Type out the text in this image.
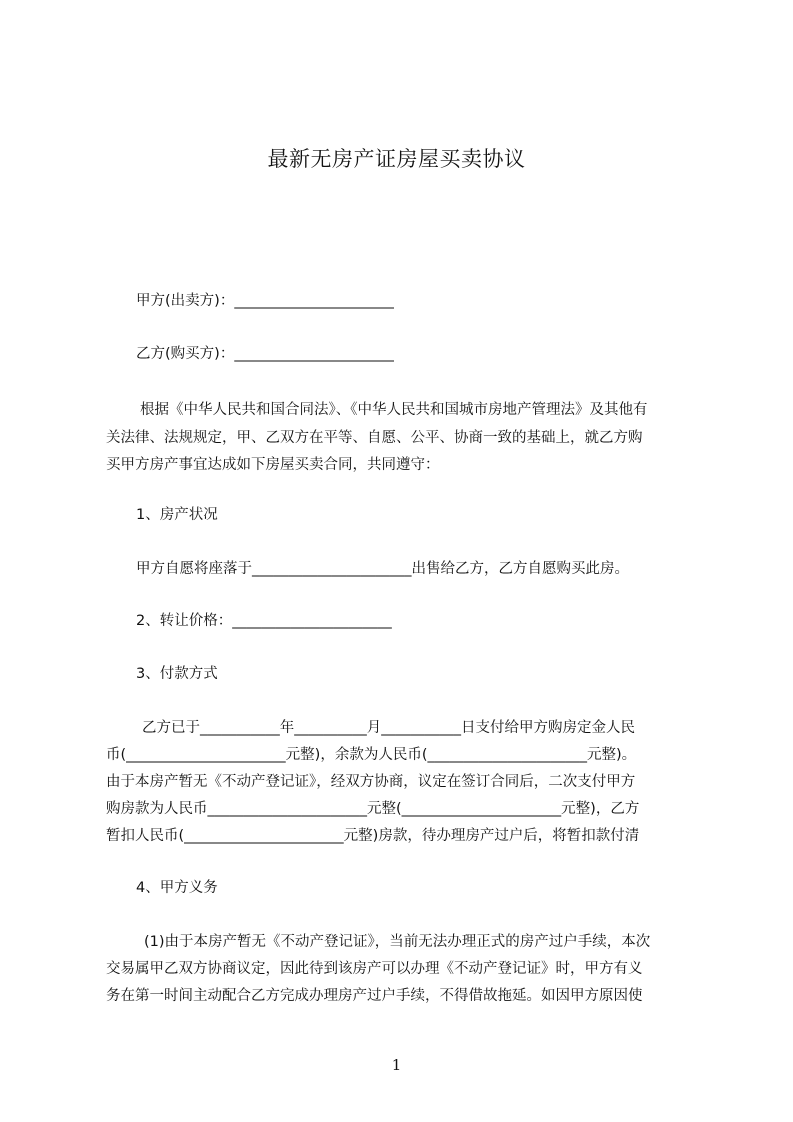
最新无房产证房屋买卖协议
甲方(出卖方)：______________________
乙方(购买方)：______________________
根据《中华人民共和国合同法》、《中华人民共和国城市房地产管理法》及其他有
关法律、法规规定，甲、乙双方在平等、自愿、公平、协商一致的基础上，就乙方购
买甲方房产事宜达成如下房屋买卖合同，共同遵守：
1、房产状况
甲方自愿将座落于______________________出售给乙方，乙方自愿购买此房。
2、转让价格：______________________
3、付款方式
乙方已于___________年__________月___________日支付给甲方购房定金人民
币(______________________元整)，余款为人民币(______________________元整)。
由于本房产暂无《不动产登记证》，经双方协商，议定在签订合同后，二次支付甲方
购房款为人民币______________________元整(______________________元整)，乙方
暂扣人民币(______________________元整)房款，待办理房产过户后，将暂扣款付清
4、甲方义务
(1)由于本房产暂无《不动产登记证》，当前无法办理正式的房产过户手续，本次
交易属甲乙双方协商议定，因此待到该房产可以办理《不动产登记证》时，甲方有义
务在第一时间主动配合乙方完成办理房产过户手续，不得借故拖延。如因甲方原因使
1
